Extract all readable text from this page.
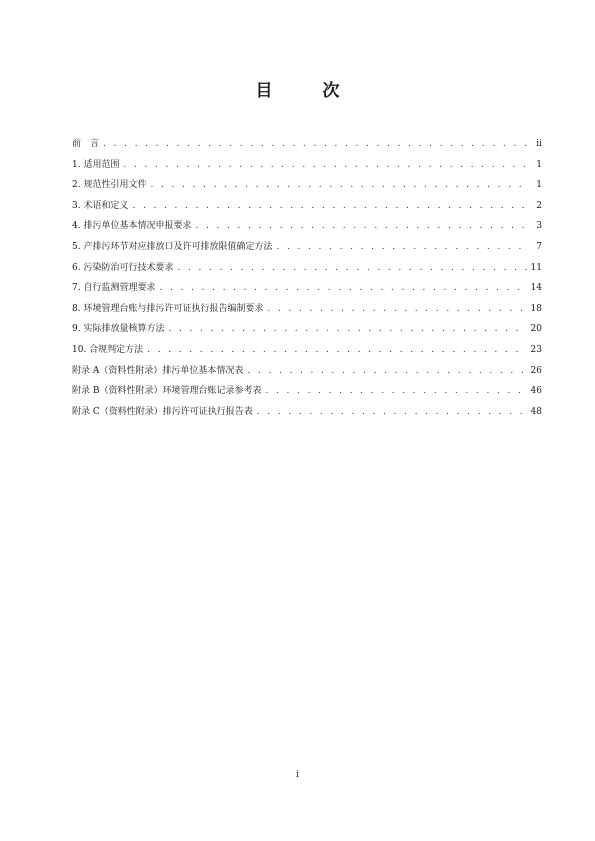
目 次
前　言 . . .	ii
1. 适用范围 . . .	1
2. 规范性引用文件 . . .	1
3. 术语和定义 . . .	2
4. 排污单位基本情况申报要求 . . .	3
5. 产排污环节对应排放口及许可排放限值确定方法 . . .	7
6. 污染防治可行技术要求 . . .	11
7. 自行监测管理要求 . . .	14
8. 环境管理台账与排污许可证执行报告编制要求 . . .	18
9. 实际排放量核算方法 . . .	20
10. 合规判定方法 . . .	23
附录 A（资料性附录）排污单位基本情况表 . . .	26
附录 B（资料性附录）环境管理台账记录参考表 . . .	46
附录 C（资料性附录）排污许可证执行报告表 . . .	48
i
